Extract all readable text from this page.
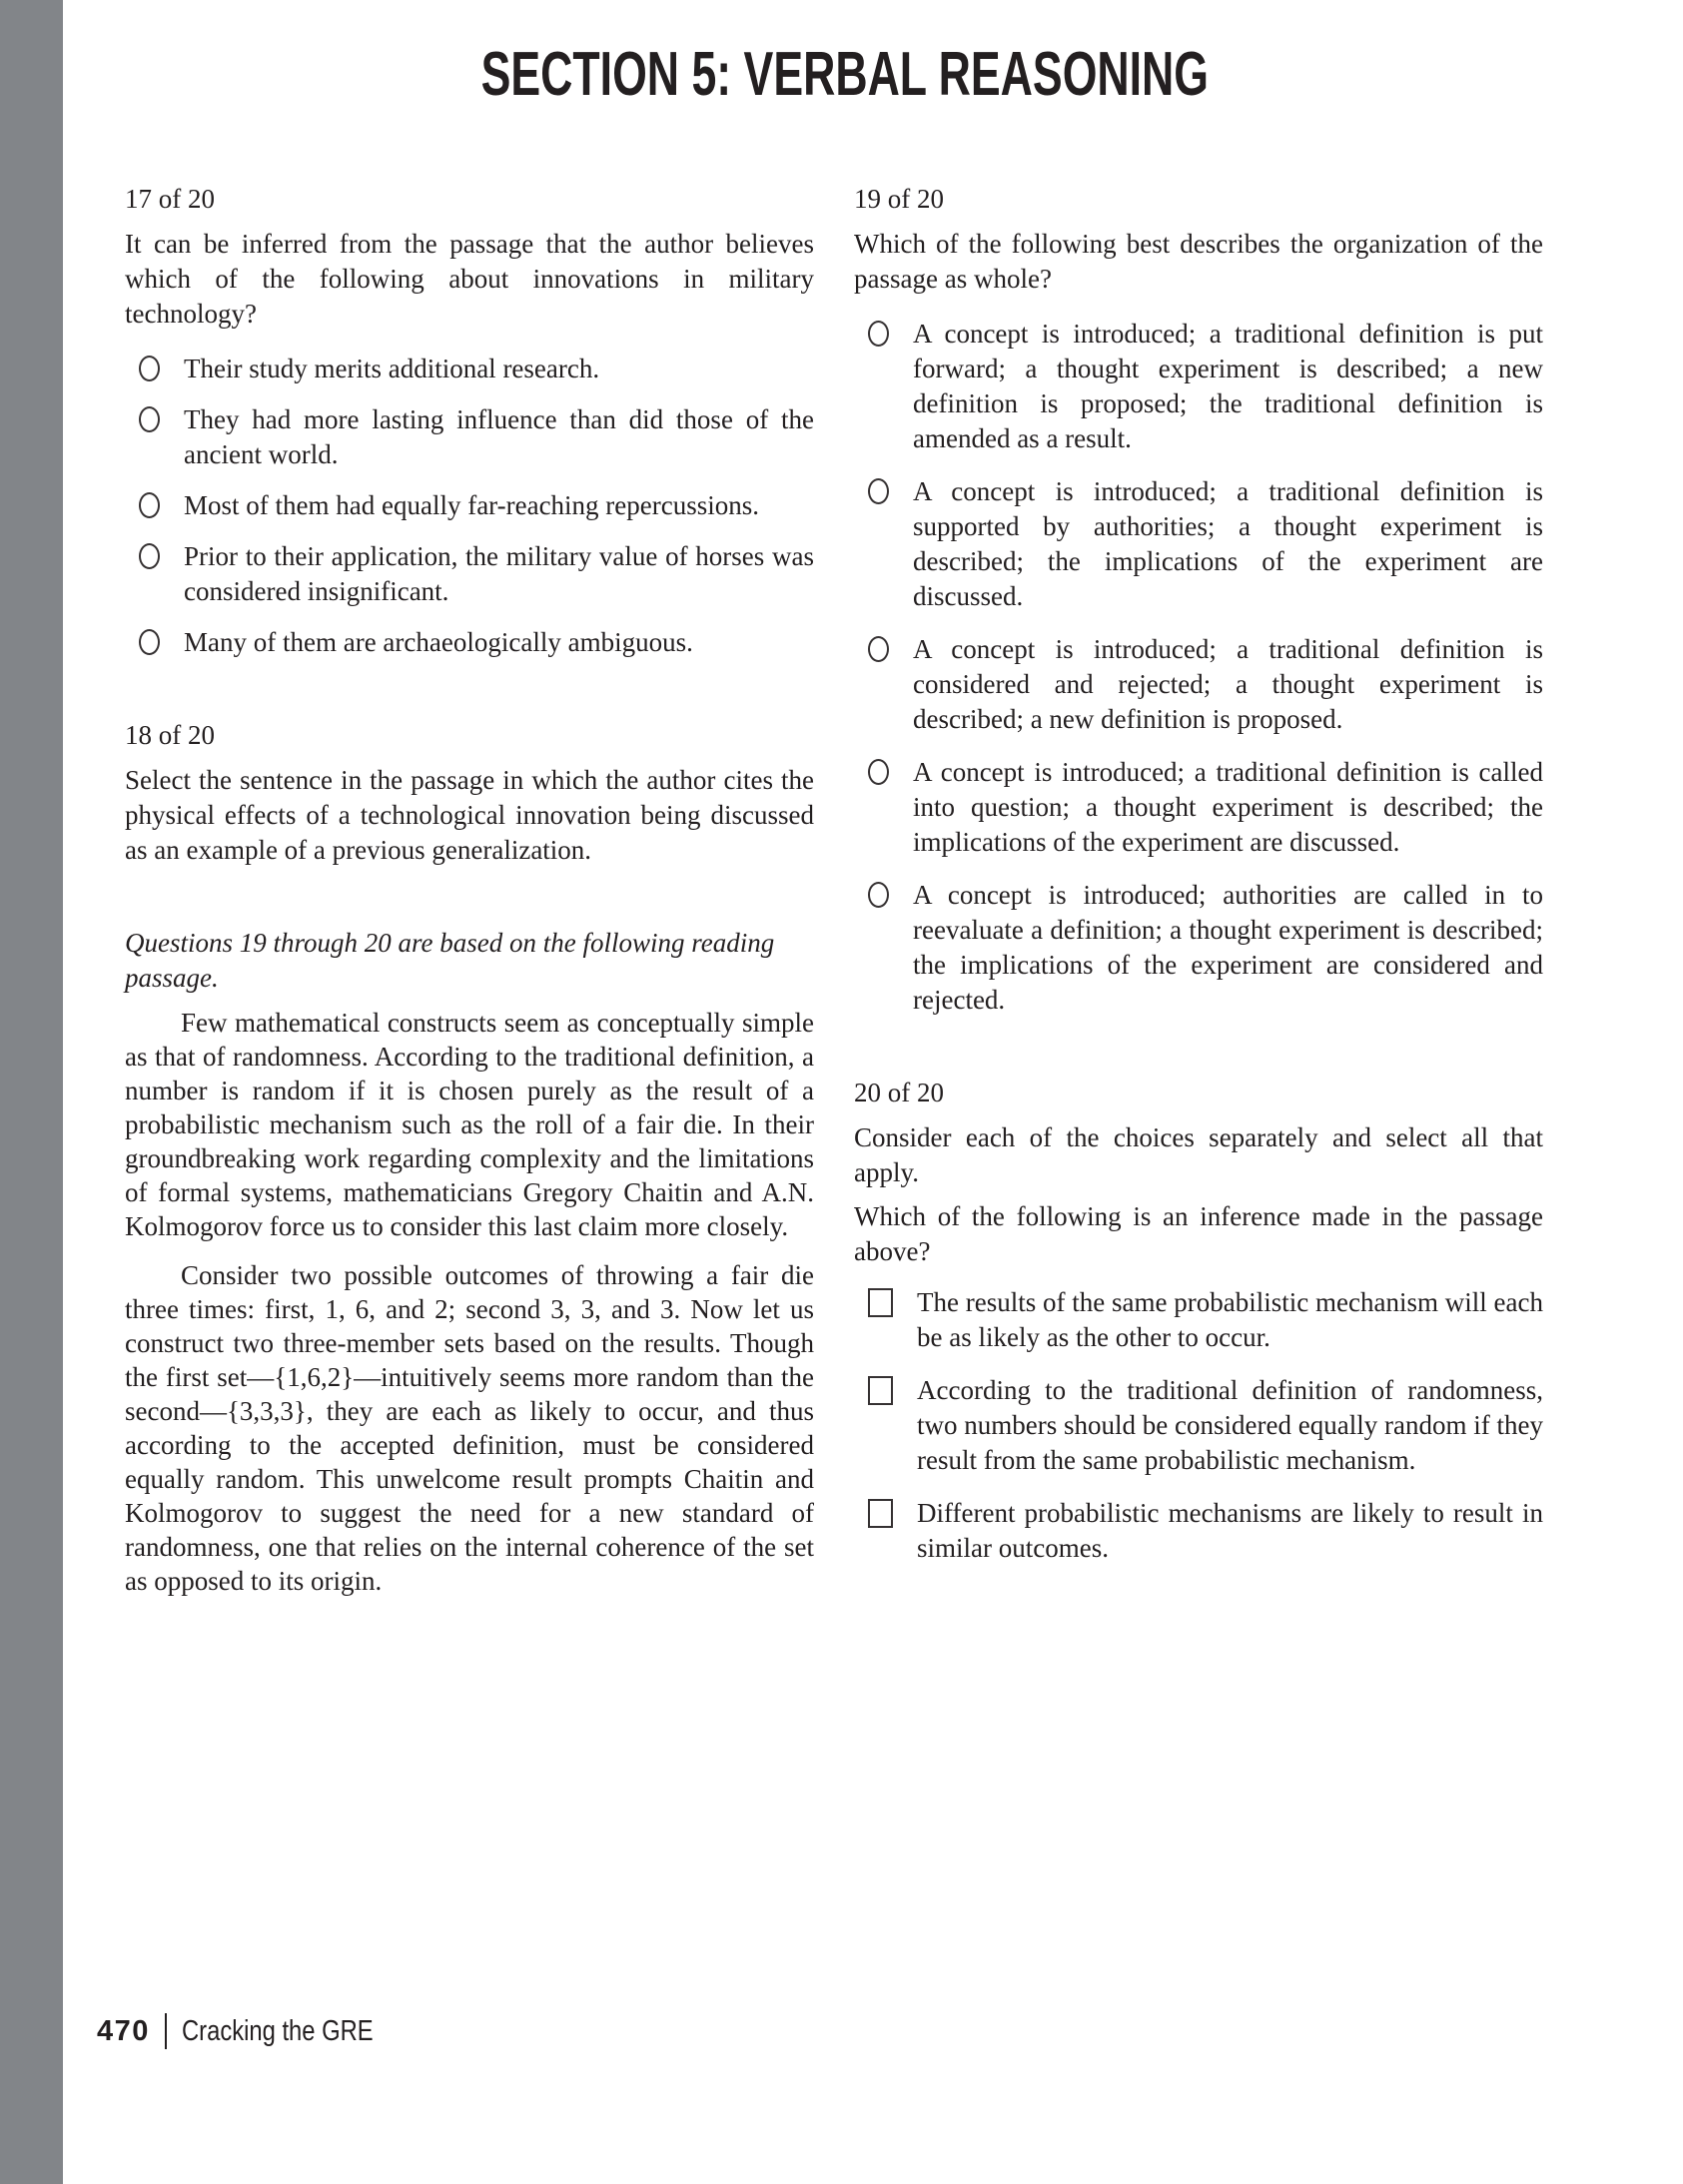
SECTION 5: VERBAL REASONING
17 of 20

It can be inferred from the passage that the author believes which of the following about innovations in military technology?

Their study merits additional research.
They had more lasting influence than did those of the ancient world.
Most of them had equally far-reaching repercussions.
Prior to their application, the military value of horses was considered insignificant.
Many of them are archaeologically ambiguous.
18 of 20

Select the sentence in the passage in which the author cites the physical effects of a technological innovation being discussed as an example of a previous generalization.

Questions 19 through 20 are based on the following reading passage.

Few mathematical constructs seem as conceptually simple as that of randomness. According to the traditional definition, a number is random if it is chosen purely as the result of a probabilistic mechanism such as the roll of a fair die. In their groundbreaking work regarding complexity and the limitations of formal systems, mathematicians Gregory Chaitin and A.N. Kolmogorov force us to consider this last claim more closely.

Consider two possible outcomes of throwing a fair die three times: first, 1, 6, and 2; second 3, 3, and 3. Now let us construct two three-member sets based on the results. Though the first set—{1,6,2}—intuitively seems more random than the second—{3,3,3}, they are each as likely to occur, and thus according to the accepted definition, must be considered equally random. This unwelcome result prompts Chaitin and Kolmogorov to suggest the need for a new standard of randomness, one that relies on the internal coherence of the set as opposed to its origin.

19 of 20

Which of the following best describes the organization of the passage as whole?

A concept is introduced; a traditional definition is put forward; a thought experiment is described; a new definition is proposed; the traditional definition is amended as a result.
A concept is introduced; a traditional definition is supported by authorities; a thought experiment is described; the implications of the experiment are discussed.
A concept is introduced; a traditional definition is considered and rejected; a thought experiment is described; a new definition is proposed.
A concept is introduced; a traditional definition is called into question; a thought experiment is described; the implications of the experiment are discussed.
A concept is introduced; authorities are called in to reevaluate a definition; a thought experiment is described; the implications of the experiment are considered and rejected.
20 of 20

Consider each of the choices separately and select all that apply.

Which of the following is an inference made in the passage above?

The results of the same probabilistic mechanism will each be as likely as the other to occur.
According to the traditional definition of randomness, two numbers should be considered equally random if they result from the same probabilistic mechanism.
Different probabilistic mechanisms are likely to result in similar outcomes.
470 Cracking the GRE
